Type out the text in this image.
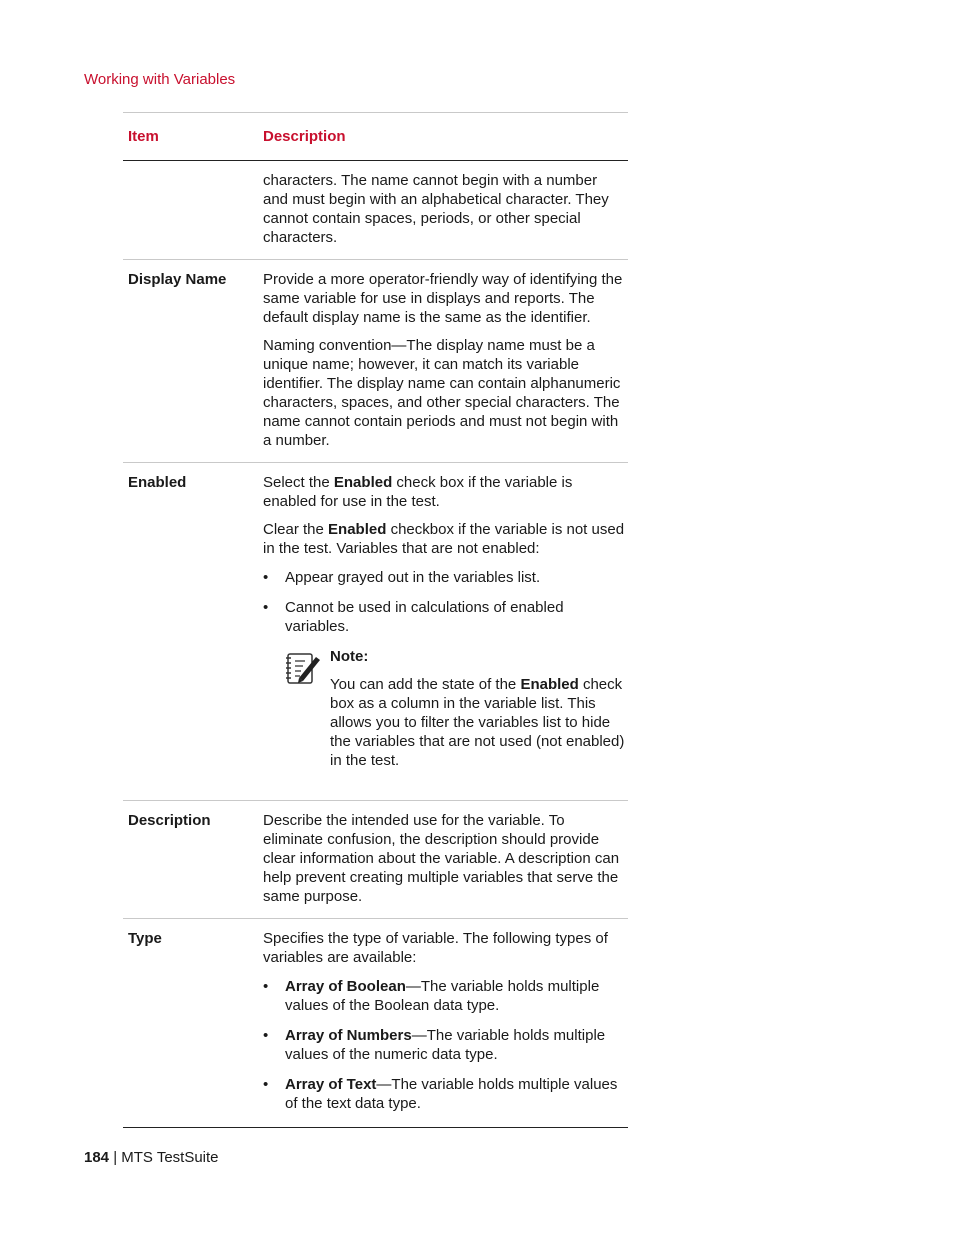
Working with Variables
Item	Description

characters. The name cannot begin with a number and must begin with an alphabetical character. They cannot contain spaces, periods, or other special characters.

Display Name	Provide a more operator-friendly way of identifying the same variable for use in displays and reports. The default display name is the same as the identifier.

Naming convention—The display name must be a unique name; however, it can match its variable identifier. The display name can contain alphanumeric characters, spaces, and other special characters. The name cannot contain periods and must not begin with a number.

Enabled	Select the Enabled check box if the variable is enabled for use in the test.

Clear the Enabled checkbox if the variable is not used in the test. Variables that are not enabled:

•	Appear grayed out in the variables list.
•	Cannot be used in calculations of enabled variables.
Note:
You can add the state of the Enabled check box as a column in the variable list. This allows you to filter the variables list to hide the variables that are not used (not enabled) in the test.
Description	Describe the intended use for the variable. To eliminate confusion, the description should provide clear information about the variable. A description can help prevent creating multiple variables that serve the same purpose.

Type	Specifies the type of variable. The following types of variables are available:

•	Array of Boolean—The variable holds multiple values of the Boolean data type.
•	Array of Numbers—The variable holds multiple values of the numeric data type.
•	Array of Text—The variable holds multiple values of the text data type.
184 | MTS TestSuite
